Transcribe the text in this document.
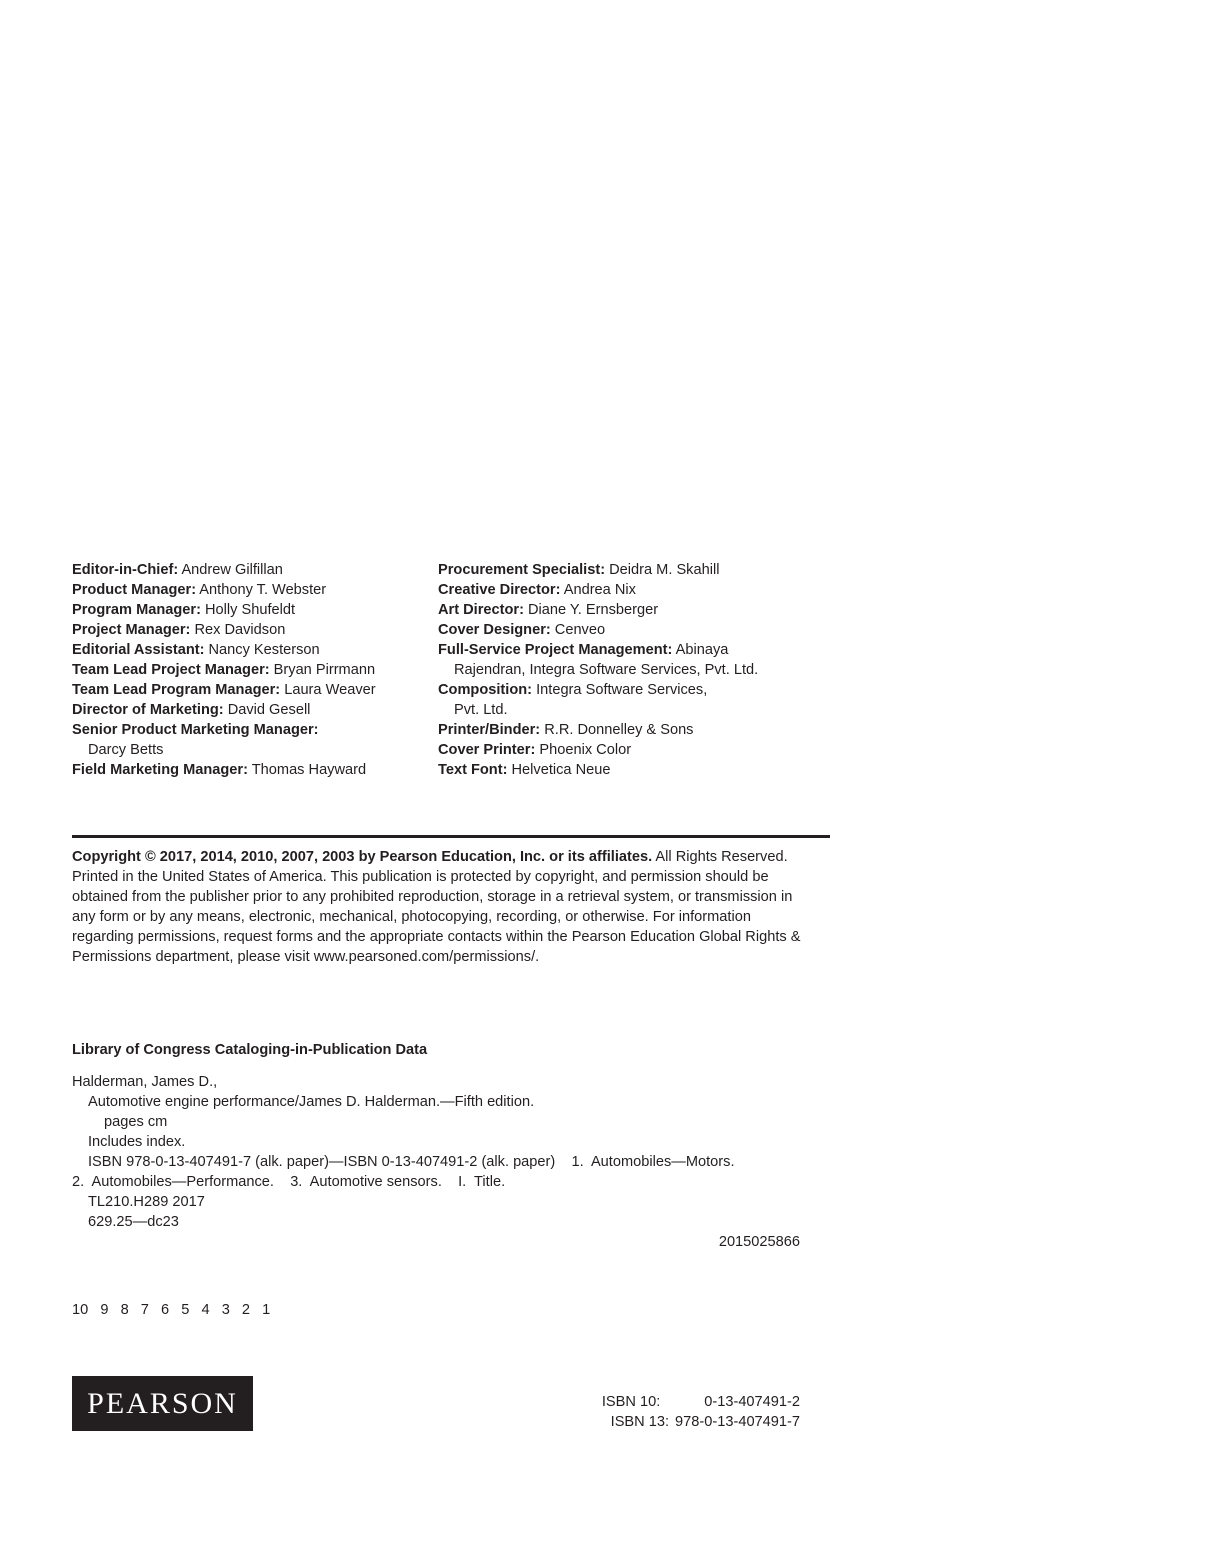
Editor-in-Chief: Andrew Gilfillan

Product Manager: Anthony T. Webster

Program Manager: Holly Shufeldt

Project Manager: Rex Davidson

Editorial Assistant: Nancy Kesterson

Team Lead Project Manager: Bryan Pirrmann

Team Lead Program Manager: Laura Weaver

Director of Marketing: David Gesell

Senior Product Marketing Manager:

Darcy Betts

Field Marketing Manager: Thomas Hayward

Procurement Specialist: Deidra M. Skahill

Creative Director: Andrea Nix

Art Director: Diane Y. Ernsberger

Cover Designer: Cenveo

Full-Service Project Management: Abinaya

Rajendran, Integra Software Services, Pvt. Ltd.

Composition: Integra Software Services,

Pvt. Ltd.

Printer/Binder: R.R. Donnelley & Sons

Cover Printer: Phoenix Color

Text Font: Helvetica Neue

Copyright © 2017, 2014, 2010, 2007, 2003 by Pearson Education, Inc. or its affiliates. All Rights Reserved. Printed in the United States of America. This publication is protected by copyright, and permission should be obtained from the publisher prior to any prohibited reproduction, storage in a retrieval system, or transmission in any form or by any means, electronic, mechanical, photocopying, recording, or otherwise. For information regarding permissions, request forms and the appropriate contacts within the Pearson Education Global Rights & Permissions department, please visit www.pearsoned.com/permissions/.

Library of Congress Cataloging-in-Publication Data

Halderman, James D.,
Automotive engine performance/James D. Halderman.—Fifth edition.
pages cm
Includes index.
ISBN 978-0-13-407491-7 (alk. paper)—ISBN 0-13-407491-2 (alk. paper)    1.  Automobiles—Motors.
2.  Automobiles—Performance.    3.  Automotive sensors.    I.  Title.
TL210.H289 2017
629.25—dc23

2015025866

10  9  8  7  6  5  4  3  2  1

PEARSON	ISBN 10:	0-13-407491-2
ISBN 13: 978-0-13-407491-7
